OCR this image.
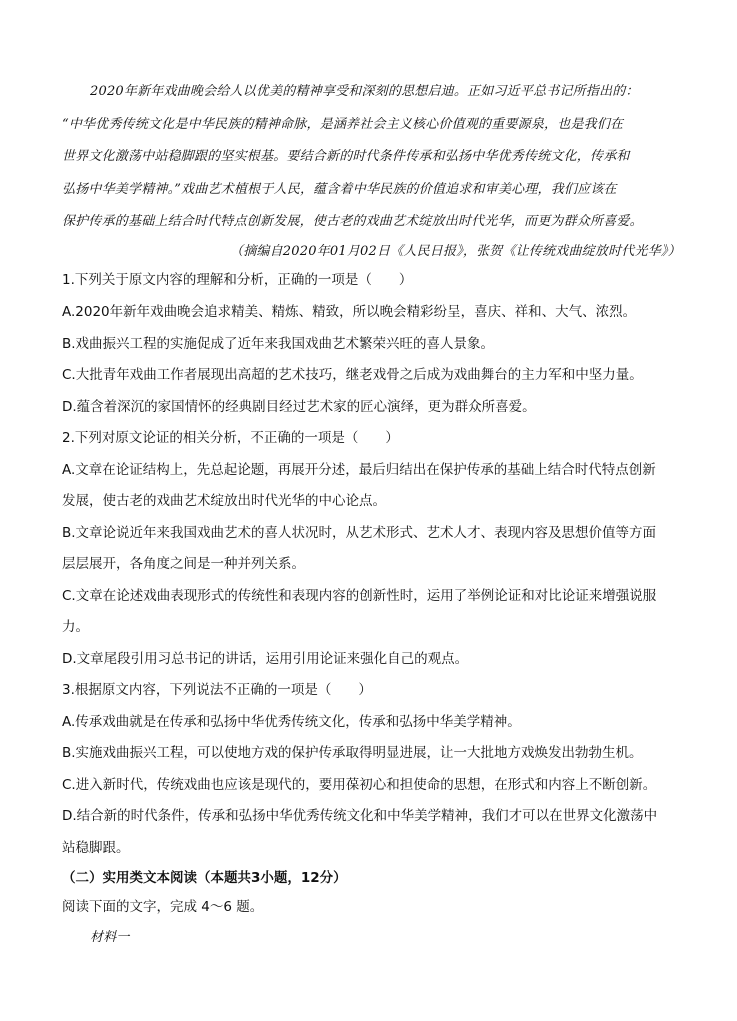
2020年新年戏曲晚会给人以优美的精神享受和深刻的思想启迪。正如习近平总书记所指出的：
“中华优秀传统文化是中华民族的精神命脉，是涵养社会主义核心价值观的重要源泉，也是我们在
世界文化激荡中站稳脚跟的坚实根基。要结合新的时代条件传承和弘扬中华优秀传统文化，传承和
弘扬中华美学精神。”戏曲艺术植根于人民，蕴含着中华民族的价值追求和审美心理，我们应该在
保护传承的基础上结合时代特点创新发展，使古老的戏曲艺术绽放出时代光华，而更为群众所喜爱。
（摘编自2020年01月02日《人民日报》，张贺《让传统戏曲绽放时代光华》）
1.下列关于原文内容的理解和分析，正确的一项是（　　）
A.2020年新年戏曲晚会追求精美、精炼、精致，所以晚会精彩纷呈，喜庆、祥和、大气、浓烈。
B.戏曲振兴工程的实施促成了近年来我国戏曲艺术繁荣兴旺的喜人景象。
C.大批青年戏曲工作者展现出高超的艺术技巧，继老戏骨之后成为戏曲舞台的主力军和中坚力量。
D.蕴含着深沉的家国情怀的经典剧目经过艺术家的匠心演绎，更为群众所喜爱。
2.下列对原文论证的相关分析，不正确的一项是（　　）
A.文章在论证结构上，先总起论题，再展开分述，最后归结出在保护传承的基础上结合时代特点创新
发展，使古老的戏曲艺术绽放出时代光华的中心论点。
B.文章论说近年来我国戏曲艺术的喜人状况时，从艺术形式、艺术人才、表现内容及思想价值等方面
层层展开，各角度之间是一种并列关系。
C.文章在论述戏曲表现形式的传统性和表现内容的创新性时，运用了举例论证和对比论证来增强说服
力。
D.文章尾段引用习总书记的讲话，运用引用论证来强化自己的观点。
3.根据原文内容，下列说法不正确的一项是（　　）
A.传承戏曲就是在传承和弘扬中华优秀传统文化，传承和弘扬中华美学精神。
B.实施戏曲振兴工程，可以使地方戏的保护传承取得明显进展，让一大批地方戏焕发出勃勃生机。
C.进入新时代，传统戏曲也应该是现代的，要用葆初心和担使命的思想，在形式和内容上不断创新。
D.结合新的时代条件，传承和弘扬中华优秀传统文化和中华美学精神，我们才可以在世界文化激荡中
站稳脚跟。
（二）实用类文本阅读（本题共3小题，12分）
阅读下面的文字，完成 4～6 题。
材料一
